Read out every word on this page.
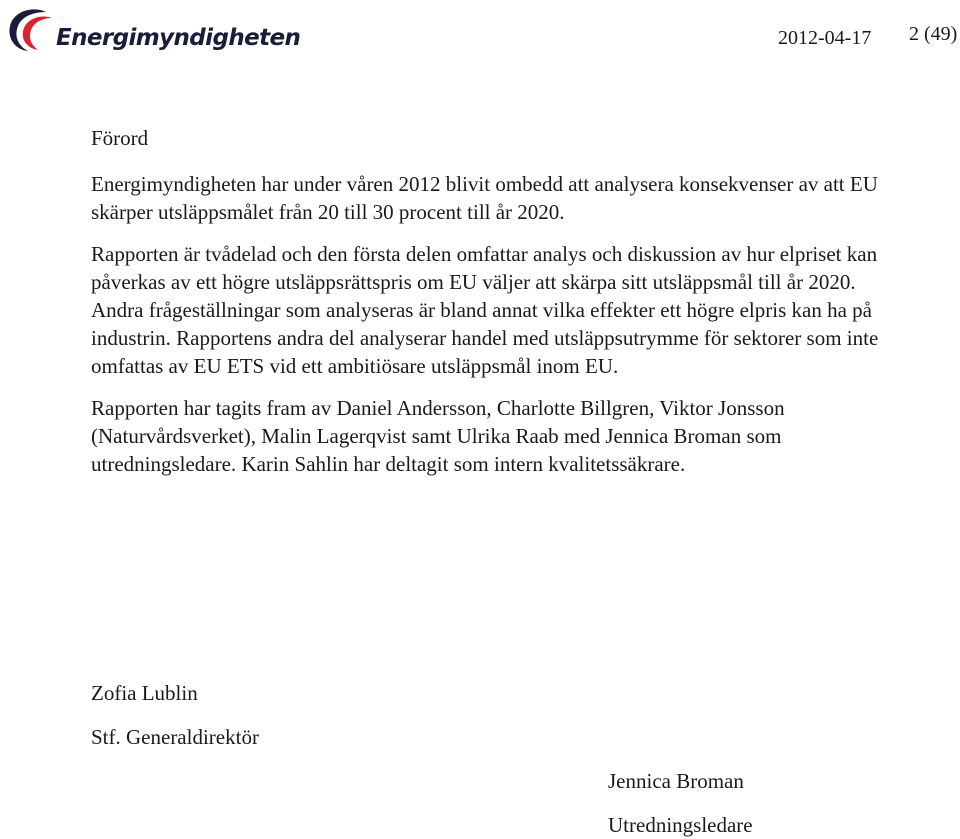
Energimyndigheten	2012-04-17 2 (49)

Förord

Energimyndigheten har under våren 2012 blivit ombedd att analysera konsekvenser av att EU skärper utsläppsmålet från 20 till 30 procent till år 2020.

Rapporten är tvådelad och den första delen omfattar analys och diskussion av hur elpriset kan påverkas av ett högre utsläppsrättspris om EU väljer att skärpa sitt utsläppsmål till år 2020. Andra frågeställningar som analyseras är bland annat vilka effekter ett högre elpris kan ha på industrin. Rapportens andra del analyserar handel med utsläppsutrymme för sektorer som inte omfattas av EU ETS vid ett ambitiösare utsläppsmål inom EU.

Rapporten har tagits fram av Daniel Andersson, Charlotte Billgren, Viktor Jonsson (Naturvårdsverket), Malin Lagerqvist samt Ulrika Raab med Jennica Broman som utredningsledare. Karin Sahlin har deltagit som intern kvalitetssäkrare.

Zofia Lublin
Stf. Generaldirektör
Jennica Broman
Utredningsledare
